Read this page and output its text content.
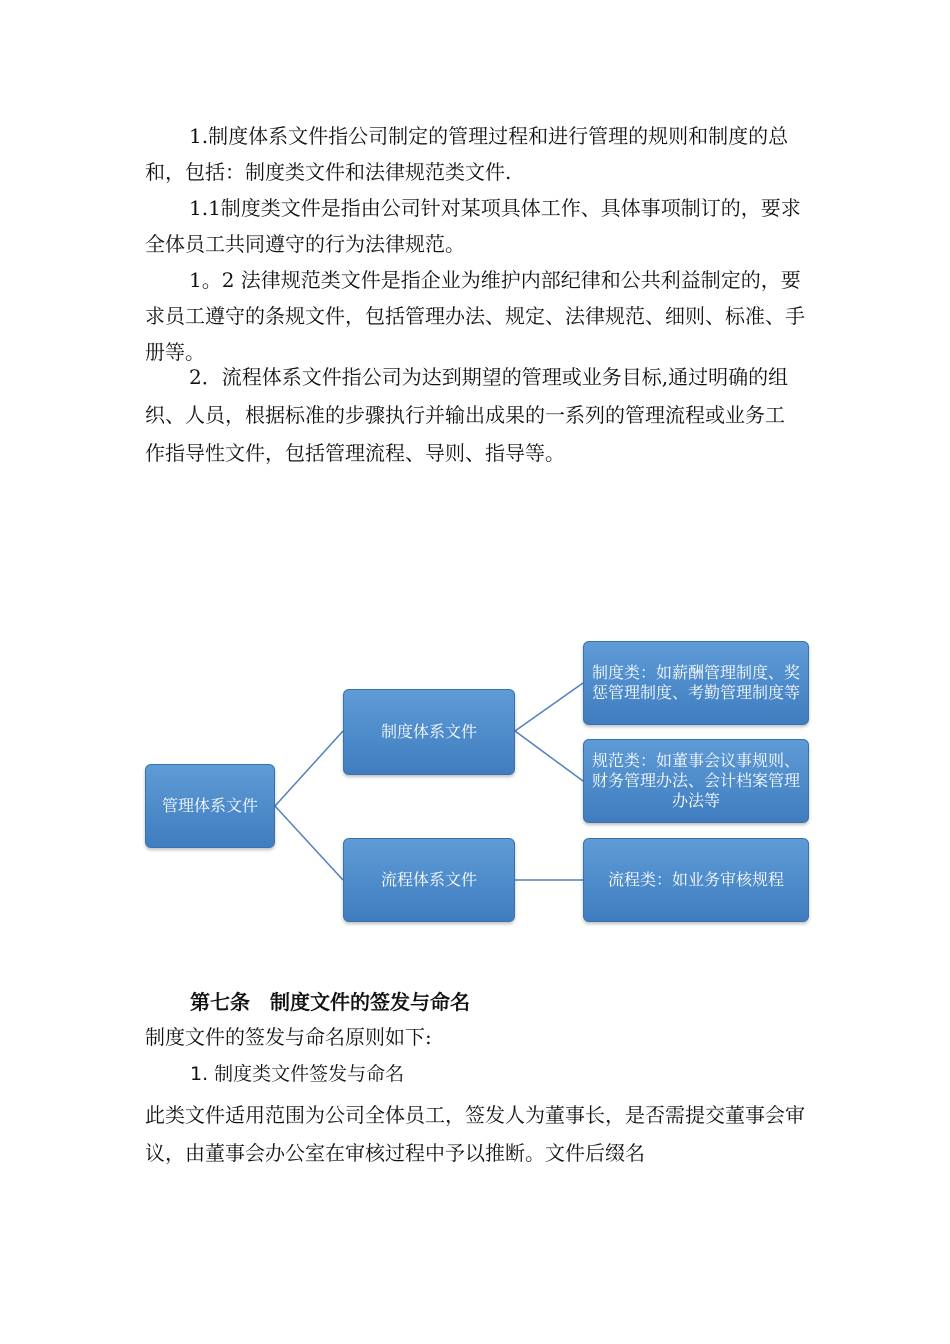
1.制度体系文件指公司制定的管理过程和进行管理的规则和制度的总和，包括：制度类文件和法律规范类文件.

1.1制度类文件是指由公司针对某项具体工作、具体事项制订的，要求全体员工共同遵守的行为法律规范。

1。2 法律规范类文件是指企业为维护内部纪律和公共利益制定的，要求员工遵守的条规文件，包括管理办法、规定、法律规范、细则、标准、手册等。

2．流程体系文件指公司为达到期望的管理或业务目标,通过明确的组织、人员，根据标准的步骤执行并输出成果的一系列的管理流程或业务工作指导性文件，包括管理流程、导则、指导等。

管理体系文件
制度体系文件
流程体系文件
制度类：如薪酬管理制度、奖惩管理制度、考勤管理制度等
规范类：如董事会议事规则、财务管理办法、会计档案管理办法等
流程类：如业务审核规程
第七条　制度文件的签发与命名
制度文件的签发与命名原则如下:
1. 制度类文件签发与命名

此类文件适用范围为公司全体员工，签发人为董事长，是否需提交董事会审议，由董事会办公室在审核过程中予以推断。文件后缀名
